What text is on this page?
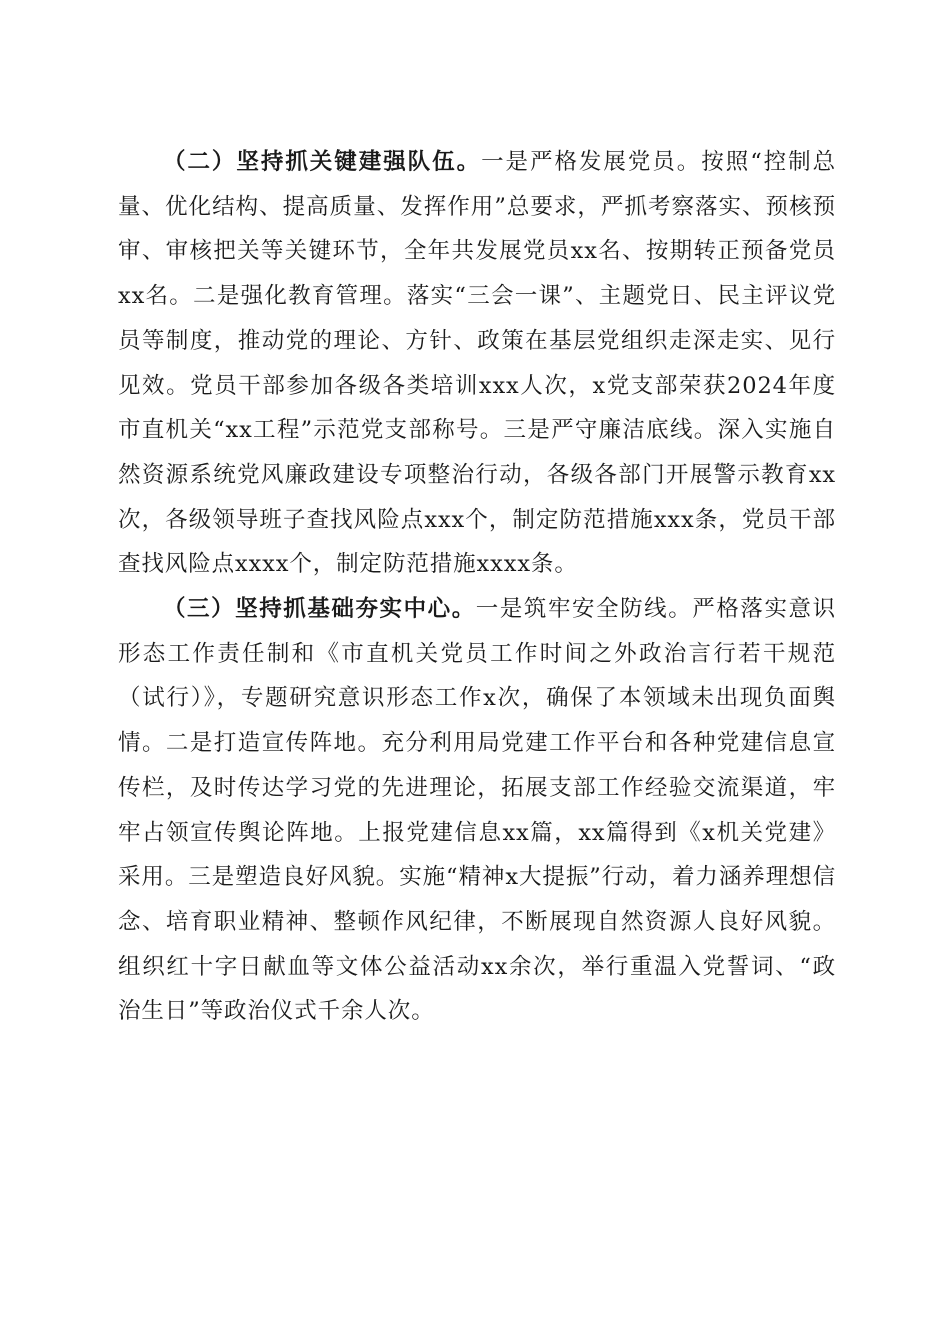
（二）坚持抓关键建强队伍。一是严格发展党员。按照“控制总量、优化结构、提高质量、发挥作用”总要求，严抓考察落实、预核预审、审核把关等关键环节，全年共发展党员xx名、按期转正预备党员xx名。二是强化教育管理。落实“三会一课”、主题党日、民主评议党员等制度，推动党的理论、方针、政策在基层党组织走深走实、见行见效。党员干部参加各级各类培训xxx人次，x党支部荣获2024年度市直机关“xx工程”示范党支部称号。三是严守廉洁底线。深入实施自然资源系统党风廉政建设专项整治行动，各级各部门开展警示教育xx次，各级领导班子查找风险点xxx个，制定防范措施xxx条，党员干部查找风险点xxxx个，制定防范措施xxxx条。

（三）坚持抓基础夯实中心。一是筑牢安全防线。严格落实意识形态工作责任制和《市直机关党员工作时间之外政治言行若干规范（试行）》，专题研究意识形态工作x次，确保了本领域未出现负面舆情。二是打造宣传阵地。充分利用局党建工作平台和各种党建信息宣传栏，及时传达学习党的先进理论，拓展支部工作经验交流渠道，牢牢占领宣传舆论阵地。上报党建信息xx篇，xx篇得到《x机关党建》采用。三是塑造良好风貌。实施“精神x大提振”行动，着力涵养理想信念、培育职业精神、整顿作风纪律，不断展现自然资源人良好风貌。组织红十字日献血等文体公益活动xx余次，举行重温入党誓词、“政治生日”等政治仪式千余人次。
